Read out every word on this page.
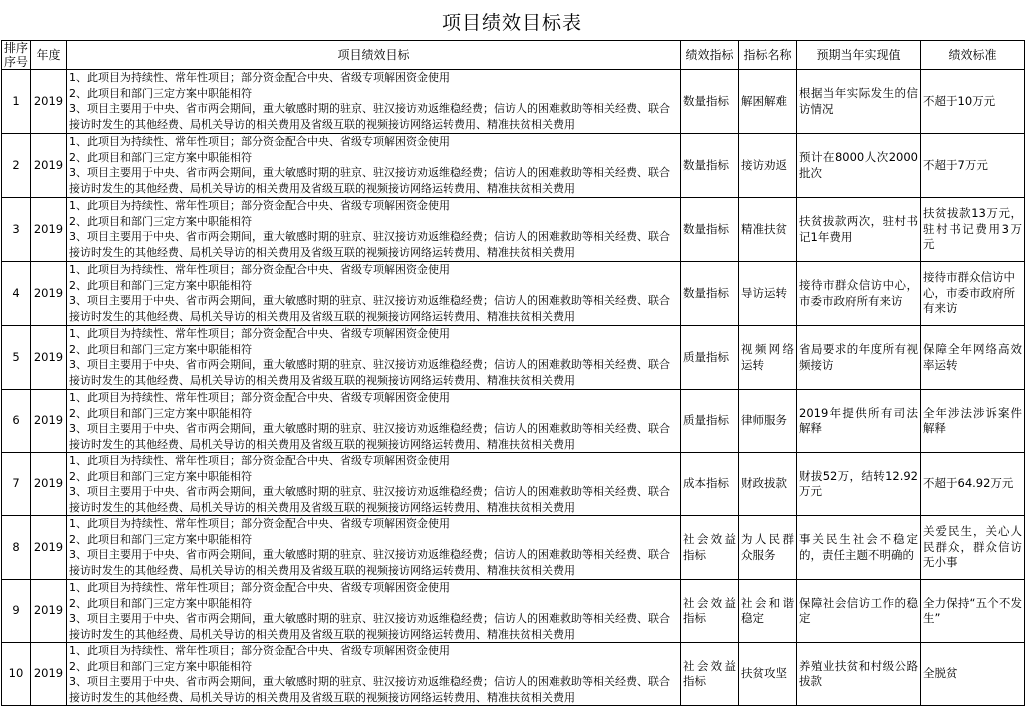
项目绩效目标表
排序
序号	年度	项目绩效目标	绩效指标	指标名称	预期当年实现值	绩效标准
1	2019	1、此项目为持续性、常年性项目；部分资金配合中央、省级专项解困资金使用
2、此项目和部门三定方案中职能相符
3、项目主要用于中央、省市两会期间，重大敏感时期的驻京、驻汉接访劝返维稳经费；信访人的困难救助等相关经费、联合接访时发生的其他经费、局机关导访的相关费用及省级互联的视频接访网络运转费用、精准扶贫相关费用	数量指标	解困解难	根据当年实际发生的信访情况	不超于10万元
2	2019	1、此项目为持续性、常年性项目；部分资金配合中央、省级专项解困资金使用
2、此项目和部门三定方案中职能相符
3、项目主要用于中央、省市两会期间，重大敏感时期的驻京、驻汉接访劝返维稳经费；信访人的困难救助等相关经费、联合接访时发生的其他经费、局机关导访的相关费用及省级互联的视频接访网络运转费用、精准扶贫相关费用	数量指标	接访劝返	预计在8000人次2000批次	不超于7万元
3	2019	1、此项目为持续性、常年性项目；部分资金配合中央、省级专项解困资金使用
2、此项目和部门三定方案中职能相符
3、项目主要用于中央、省市两会期间，重大敏感时期的驻京、驻汉接访劝返维稳经费；信访人的困难救助等相关经费、联合接访时发生的其他经费、局机关导访的相关费用及省级互联的视频接访网络运转费用、精准扶贫相关费用	数量指标	精准扶贫	扶贫拔款两次，驻村书记1年费用	扶贫拔款13万元，驻村书记费用3万元
4	2019	1、此项目为持续性、常年性项目；部分资金配合中央、省级专项解困资金使用
2、此项目和部门三定方案中职能相符
3、项目主要用于中央、省市两会期间，重大敏感时期的驻京、驻汉接访劝返维稳经费；信访人的困难救助等相关经费、联合接访时发生的其他经费、局机关导访的相关费用及省级互联的视频接访网络运转费用、精准扶贫相关费用	数量指标	导访运转	接待市群众信访中心，市委市政府所有来访	接待市群众信访中心，市委市政府所有来访
5	2019	1、此项目为持续性、常年性项目；部分资金配合中央、省级专项解困资金使用
2、此项目和部门三定方案中职能相符
3、项目主要用于中央、省市两会期间，重大敏感时期的驻京、驻汉接访劝返维稳经费；信访人的困难救助等相关经费、联合接访时发生的其他经费、局机关导访的相关费用及省级互联的视频接访网络运转费用、精准扶贫相关费用	质量指标	视频网络运转	省局要求的年度所有视频接访	保障全年网络高效率运转
6	2019	1、此项目为持续性、常年性项目；部分资金配合中央、省级专项解困资金使用
2、此项目和部门三定方案中职能相符
3、项目主要用于中央、省市两会期间，重大敏感时期的驻京、驻汉接访劝返维稳经费；信访人的困难救助等相关经费、联合接访时发生的其他经费、局机关导访的相关费用及省级互联的视频接访网络运转费用、精准扶贫相关费用	质量指标	律师服务	2019年提供所有司法解释	全年涉法涉诉案件解释
7	2019	1、此项目为持续性、常年性项目；部分资金配合中央、省级专项解困资金使用
2、此项目和部门三定方案中职能相符
3、项目主要用于中央、省市两会期间，重大敏感时期的驻京、驻汉接访劝返维稳经费；信访人的困难救助等相关经费、联合接访时发生的其他经费、局机关导访的相关费用及省级互联的视频接访网络运转费用、精准扶贫相关费用	成本指标	财政拔款	财拔52万，结转12.92万元	不超于64.92万元
8	2019	1、此项目为持续性、常年性项目；部分资金配合中央、省级专项解困资金使用
2、此项目和部门三定方案中职能相符
3、项目主要用于中央、省市两会期间，重大敏感时期的驻京、驻汉接访劝返维稳经费；信访人的困难救助等相关经费、联合接访时发生的其他经费、局机关导访的相关费用及省级互联的视频接访网络运转费用、精准扶贫相关费用	社会效益指标	为人民群众服务	事关民生社会不稳定的，责任主题不明确的	关爱民生，关心人民群众，群众信访无小事
9	2019	1、此项目为持续性、常年性项目；部分资金配合中央、省级专项解困资金使用
2、此项目和部门三定方案中职能相符
3、项目主要用于中央、省市两会期间，重大敏感时期的驻京、驻汉接访劝返维稳经费；信访人的困难救助等相关经费、联合接访时发生的其他经费、局机关导访的相关费用及省级互联的视频接访网络运转费用、精准扶贫相关费用	社会效益指标	社会和谐稳定	保障社会信访工作的稳定	全力保持“五个不发生”
10	2019	1、此项目为持续性、常年性项目；部分资金配合中央、省级专项解困资金使用
2、此项目和部门三定方案中职能相符
3、项目主要用于中央、省市两会期间，重大敏感时期的驻京、驻汉接访劝返维稳经费；信访人的困难救助等相关经费、联合接访时发生的其他经费、局机关导访的相关费用及省级互联的视频接访网络运转费用、精准扶贫相关费用	社会效益指标	扶贫攻坚	养殖业扶贫和村级公路拔款	全脱贫
